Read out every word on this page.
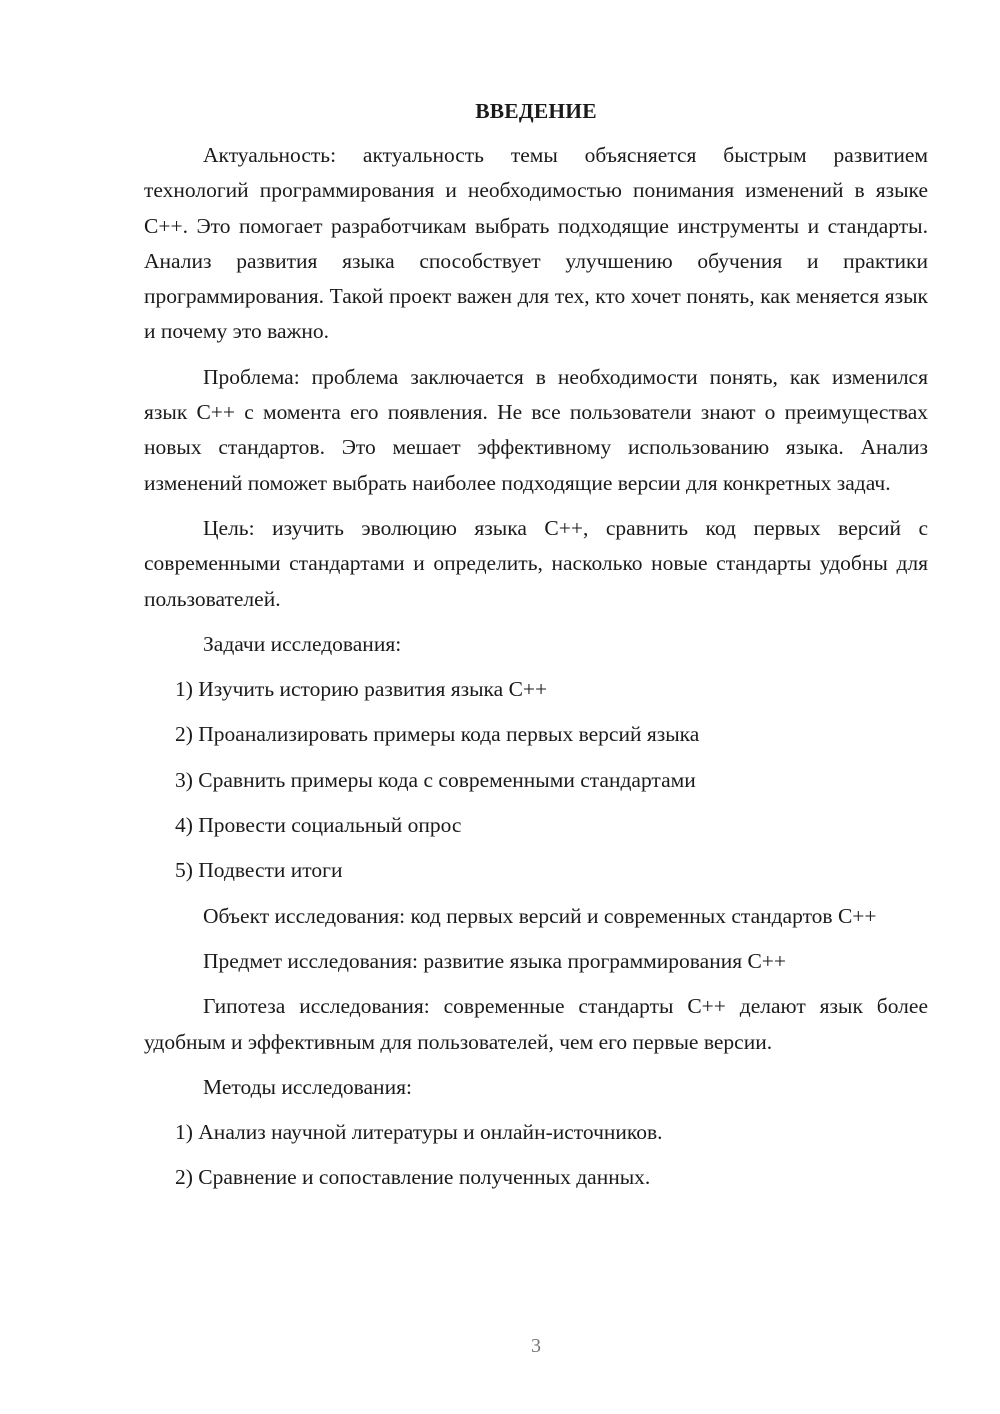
ВВЕДЕНИЕ

Актуальность: актуальность темы объясняется быстрым развитием технологий программирования и необходимостью понимания изменений в языке С++. Это помогает разработчикам выбрать подходящие инструменты и стандарты. Анализ развития языка способствует улучшению обучения и практики программирования. Такой проект важен для тех, кто хочет понять, как меняется язык и почему это важно.

Проблема: проблема заключается в необходимости понять, как изменился язык С++ с момента его появления. Не все пользователи знают о преимуществах новых стандартов. Это мешает эффективному использованию языка. Анализ изменений поможет выбрать наиболее подходящие версии для конкретных задач.

Цель: изучить эволюцию языка С++, сравнить код первых версий с современными стандартами и определить, насколько новые стандарты удобны для пользователей.

Задачи исследования:

1) Изучить историю развития языка С++
2) Проанализировать примеры кода первых версий языка
3) Сравнить примеры кода с современными стандартами
4) Провести социальный опрос
5) Подвести итоги

Объект исследования: код первых версий и современных стандартов С++

Предмет исследования: развитие языка программирования С++

Гипотеза исследования: современные стандарты С++ делают язык более удобным и эффективным для пользователей, чем его первые версии.

Методы исследования:

1) Анализ научной литературы и онлайн-источников.
2) Сравнение и сопоставление полученных данных.
3
